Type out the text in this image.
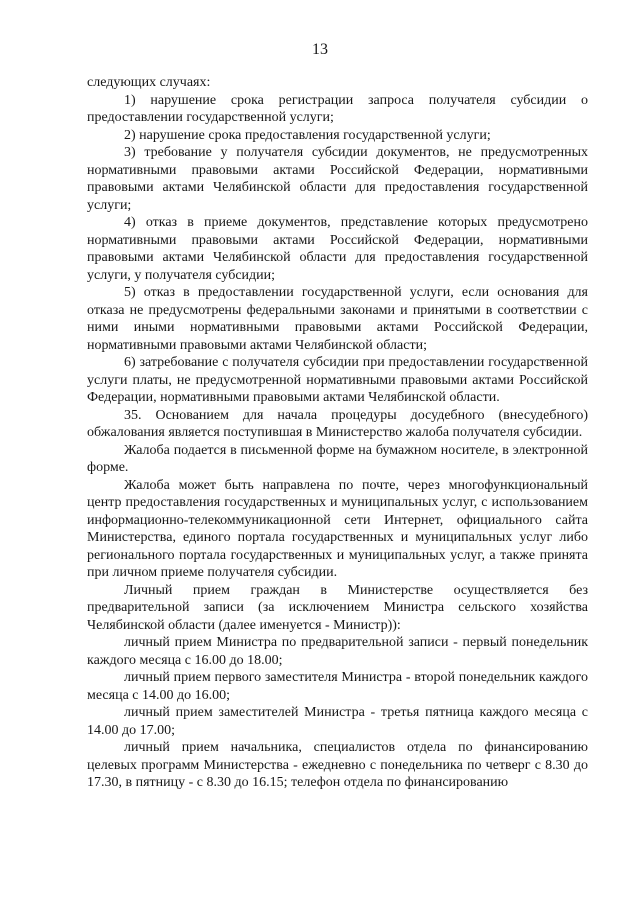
13

следующих случаях:

1) нарушение срока регистрации запроса получателя субсидии о предоставлении государственной услуги;

2) нарушение срока предоставления государственной услуги;

3) требование у получателя субсидии документов, не предусмотренных нормативными правовыми актами Российской Федерации, нормативными правовыми актами Челябинской области для предоставления государственной услуги;

4) отказ в приеме документов, представление которых предусмотрено нормативными правовыми актами Российской Федерации, нормативными правовыми актами Челябинской области для предоставления государственной услуги, у получателя субсидии;

5) отказ в предоставлении государственной услуги, если основания для отказа не предусмотрены федеральными законами и принятыми в соответствии с ними иными нормативными правовыми актами Российской Федерации, нормативными правовыми актами Челябинской области;

6) затребование с получателя субсидии при предоставлении государственной услуги платы, не предусмотренной нормативными правовыми актами Российской Федерации, нормативными правовыми актами Челябинской области.

35. Основанием для начала процедуры досудебного (внесудебного) обжалования является поступившая в Министерство жалоба получателя субсидии.

Жалоба подается в письменной форме на бумажном носителе, в электронной форме.

Жалоба может быть направлена по почте, через многофункциональный центр предоставления государственных и муниципальных услуг, с использованием информационно-телекоммуникационной сети Интернет, официального сайта Министерства, единого портала государственных и муниципальных услуг либо регионального портала государственных и муниципальных услуг, а также принята при личном приеме получателя субсидии.

Личный прием граждан в Министерстве осуществляется без предварительной записи (за исключением Министра сельского хозяйства Челябинской области (далее именуется - Министр)):

личный прием Министра по предварительной записи - первый понедельник каждого месяца с 16.00 до 18.00;

личный прием первого заместителя Министра - второй понедельник каждого месяца с 14.00 до 16.00;

личный прием заместителей Министра - третья пятница каждого месяца с 14.00 до 17.00;

личный прием начальника, специалистов отдела по финансированию целевых программ Министерства - ежедневно с понедельника по четверг с 8.30 до 17.30, в пятницу - с 8.30 до 16.15; телефон отдела по финансированию
